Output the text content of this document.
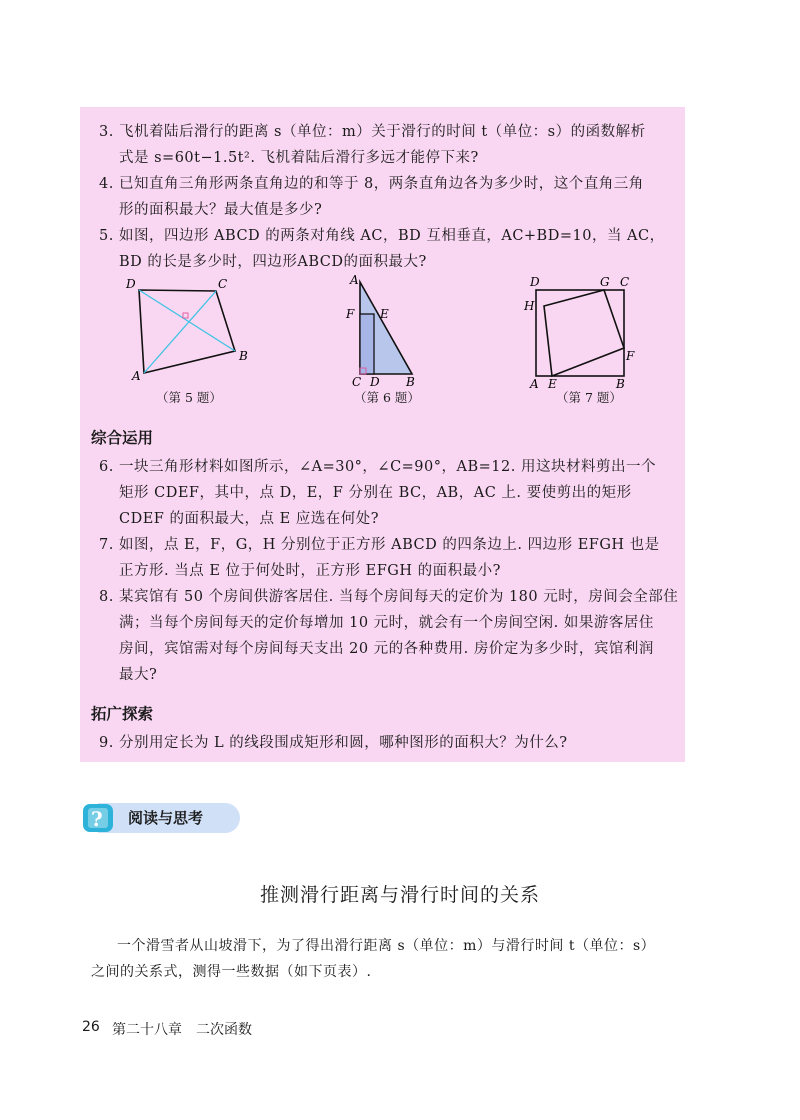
3. 飞机着陆后滑行的距离 s（单位：m）关于滑行的时间 t（单位：s）的函数解析
式是 s=60t−1.5t². 飞机着陆后滑行多远才能停下来?
4. 已知直角三角形两条直角边的和等于 8，两条直角边各为多少时，这个直角三角
形的面积最大？最大值是多少?
5. 如图，四边形 ABCD 的两条对角线 AC，BD 互相垂直，AC+BD=10，当 AC，
BD 的长是多少时，四边形ABCD的面积最大?
D	C
B
A
（第 5 题）
A
F E
C D B
（第 6 题）
D	G C
H
F
A E	B
（第 7 题）
综合运用
6. 一块三角形材料如图所示，∠A=30°，∠C=90°，AB=12. 用这块材料剪出一个
矩形 CDEF，其中，点 D，E，F 分别在 BC，AB，AC 上. 要使剪出的矩形
CDEF 的面积最大，点 E 应选在何处?
7. 如图，点 E，F，G，H 分别位于正方形 ABCD 的四条边上. 四边形 EFGH 也是
正方形. 当点 E 位于何处时，正方形 EFGH 的面积最小?
8. 某宾馆有 50 个房间供游客居住. 当每个房间每天的定价为 180 元时，房间会全部住
满；当每个房间每天的定价每增加 10 元时，就会有一个房间空闲. 如果游客居住
房间，宾馆需对每个房间每天支出 20 元的各种费用. 房价定为多少时，宾馆利润
最大?
拓广探索
9. 分别用定长为 L 的线段围成矩形和圆，哪种图形的面积大？为什么?
? 阅读与思考
推测滑行距离与滑行时间的关系
一个滑雪者从山坡滑下，为了得出滑行距离 s（单位：m）与滑行时间 t（单位：s）
之间的关系式，测得一些数据（如下页表）.
26 第二十八章　二次函数
